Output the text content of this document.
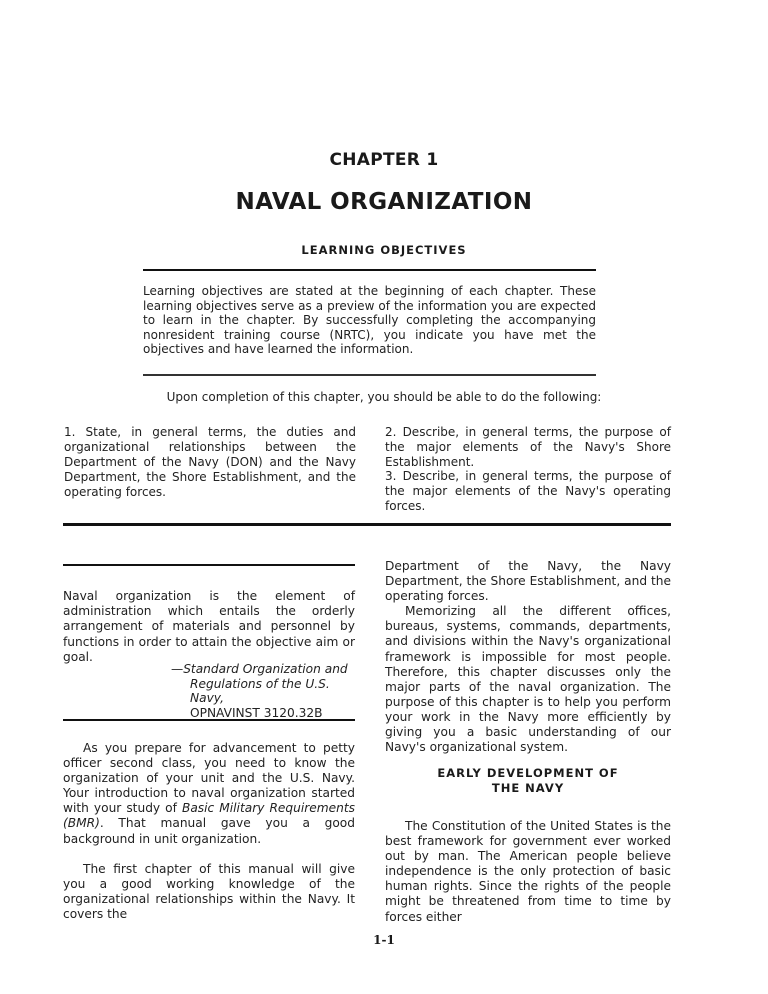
CHAPTER 1
NAVAL ORGANIZATION
LEARNING OBJECTIVES
Learning objectives are stated at the beginning of each chapter. These learning objectives serve as a preview of the information you are expected to learn in the chapter. By successfully completing the accompanying nonresident training course (NRTC), you indicate you have met the objectives and have learned the information.
Upon completion of this chapter, you should be able to do the following:
1. State, in general terms, the duties and organizational relationships between the Department of the Navy (DON) and the Navy Department, the Shore Establishment, and the operating forces.
2. Describe, in general terms, the purpose of the major elements of the Navy's Shore Establishment.
3. Describe, in general terms, the purpose of the major elements of the Navy's operating forces.
Naval organization is the element of administration which entails the orderly arrangement of materials and personnel by functions in order to attain the objective aim or goal.
—Standard Organization and
Regulations of the U.S. Navy,
OPNAVINST 3120.32B

As you prepare for advancement to petty officer second class, you need to know the organization of your unit and the U.S. Navy. Your introduction to naval organization started with your study of Basic Military Requirements (BMR). That manual gave you a good background in unit organization.

The first chapter of this manual will give you a good working knowledge of the organizational relationships within the Navy. It covers the

Department of the Navy, the Navy Department, the Shore Establishment, and the operating forces.

Memorizing all the different offices, bureaus, systems, commands, departments, and divisions within the Navy's organizational framework is impossible for most people. Therefore, this chapter discusses only the major parts of the naval organization. The purpose of this chapter is to help you perform your work in the Navy more efficiently by giving you a basic understanding of our Navy's organizational system.

EARLY DEVELOPMENT OF
THE NAVY

The Constitution of the United States is the best framework for government ever worked out by man. The American people believe independence is the only protection of basic human rights. Since the rights of the people might be threatened from time to time by forces either

1-1
